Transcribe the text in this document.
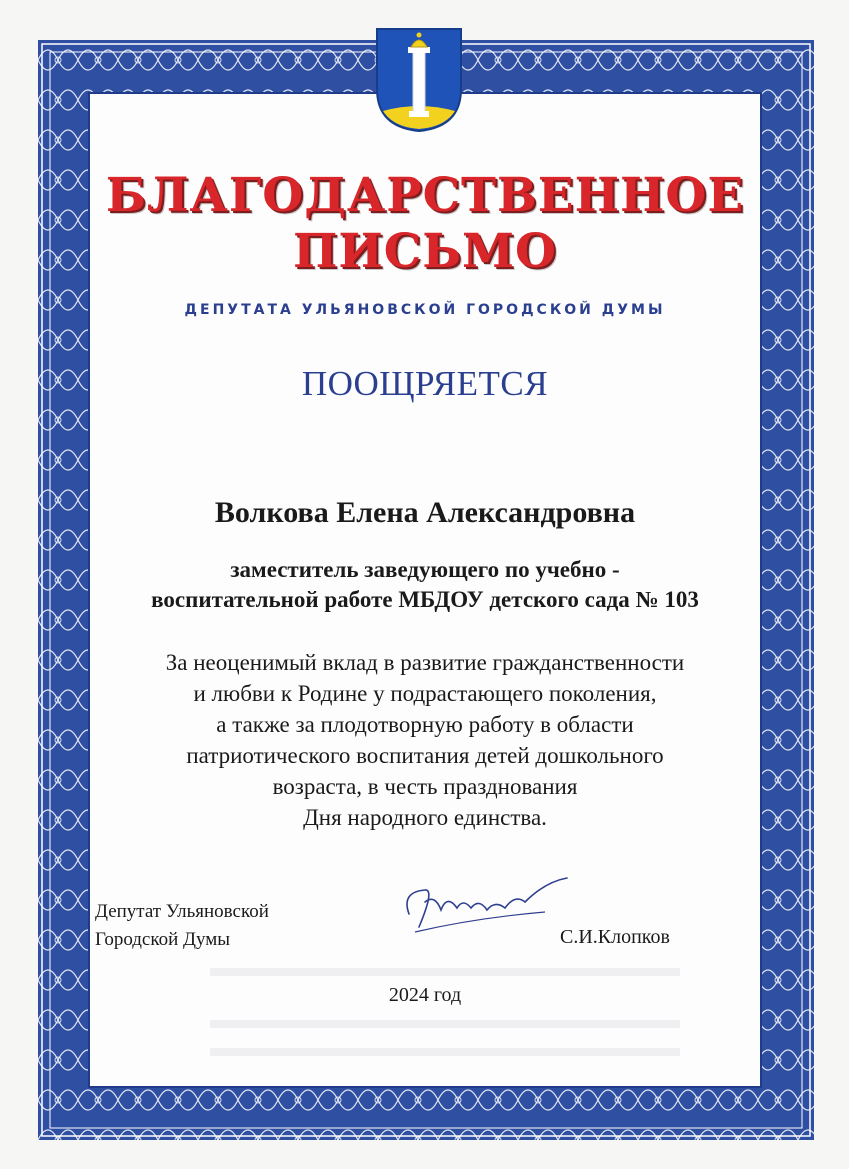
БЛАГОДАРСТВЕННОЕ
ПИСЬМО
ДЕПУТАТА УЛЬЯНОВСКОЙ ГОРОДСКОЙ ДУМЫ
ПООЩРЯЕТСЯ
Волкова Елена Александровна
заместитель заведующего по учебно -
воспитательной работе МБДОУ детского сада № 103
За неоценимый вклад в развитие гражданственности
и любви к Родине у подрастающего поколения,
а также за плодотворную работу в области
патриотического воспитания детей дошкольного
возраста, в честь празднования
Дня народного единства.
Депутат Ульяновской
Городской Думы	С.И.Клопков
2024 год
